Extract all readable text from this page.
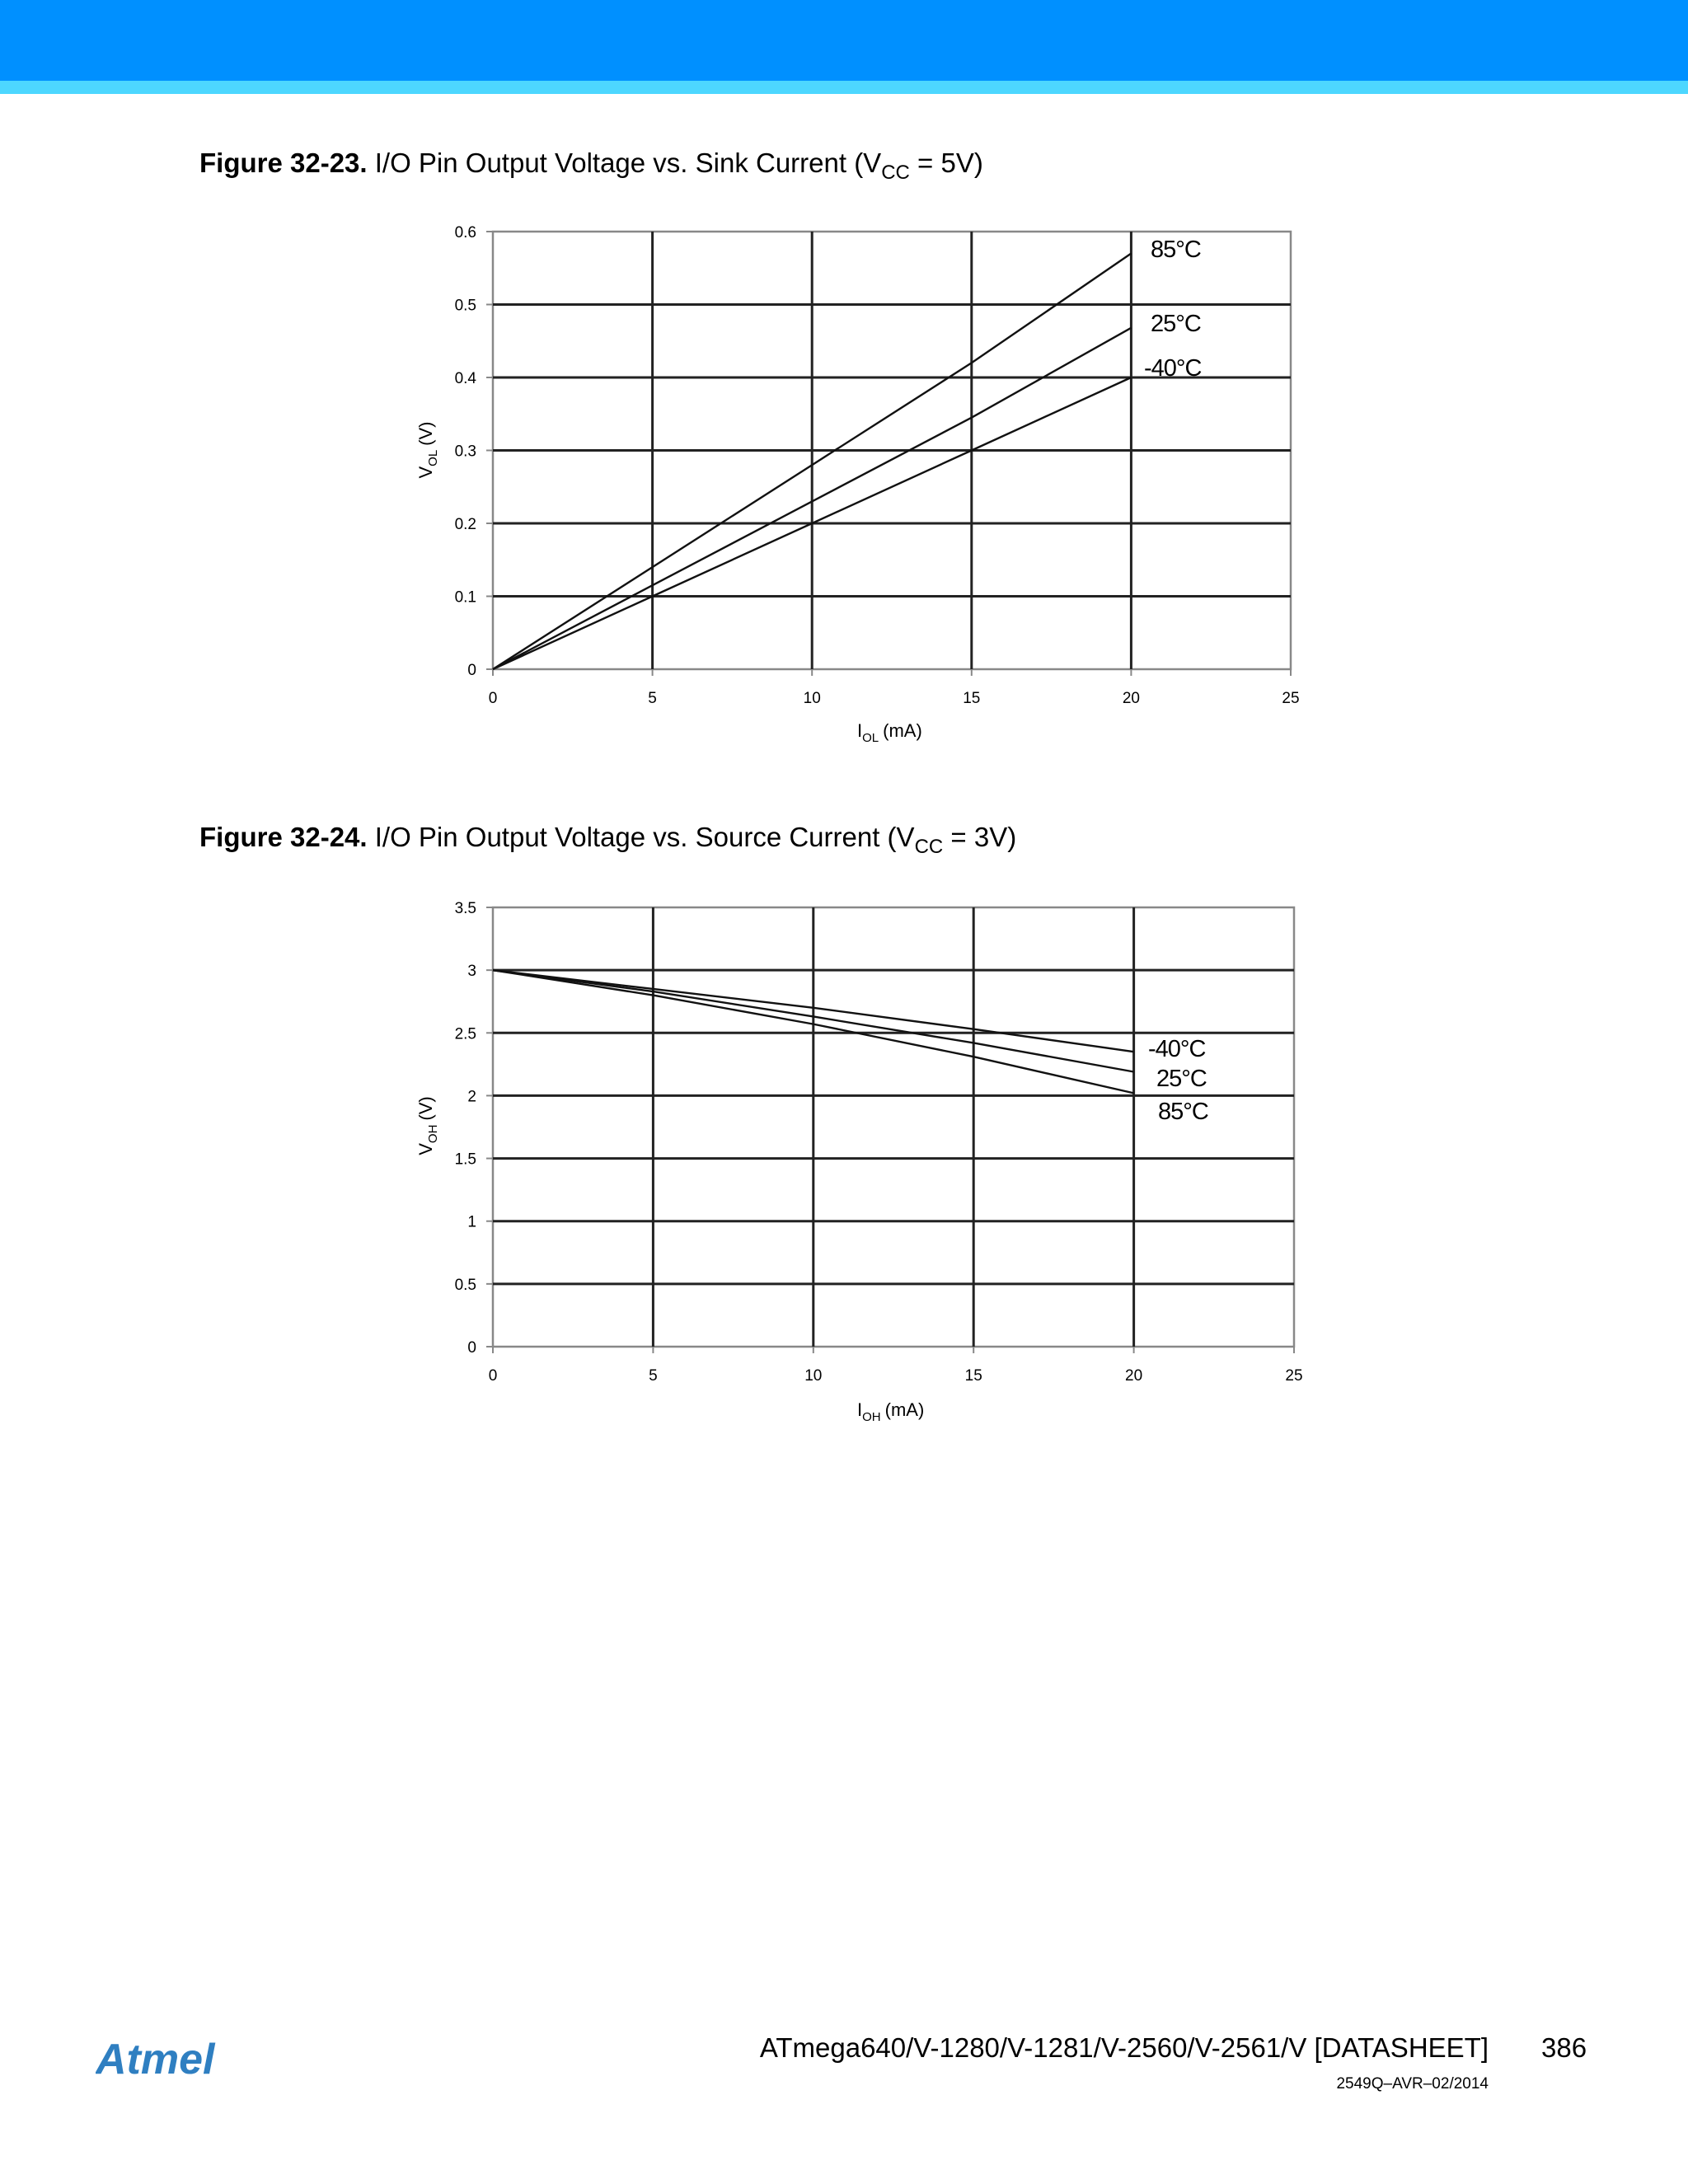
Figure 32-23. I/O Pin Output Voltage vs. Sink Current $(V_{CC} = 5V)$
0
0.1
0.2
0.3
0.4
0.5
0.6
0	5	10	15	20	25
85°C
25°C
-40°C
$I_{OL}$ (mA)
$V_{OL}(V)$
Figure 32-24. I/O Pin Output Voltage vs. Source Current $(V_{CC} = 3V)$
0
0.5
1
1.5
2
2.5
3
3.5
0	5	10	15	20	25
-40°C
25°C
85°C
$I_{OH}$ (mA)
$V_{OH}(V)$
Atmel	ATmega640/V-1280/V-1281/V-2560/V-2561/V [DATASHEET] 386
2549Q–AVR–02/2014
